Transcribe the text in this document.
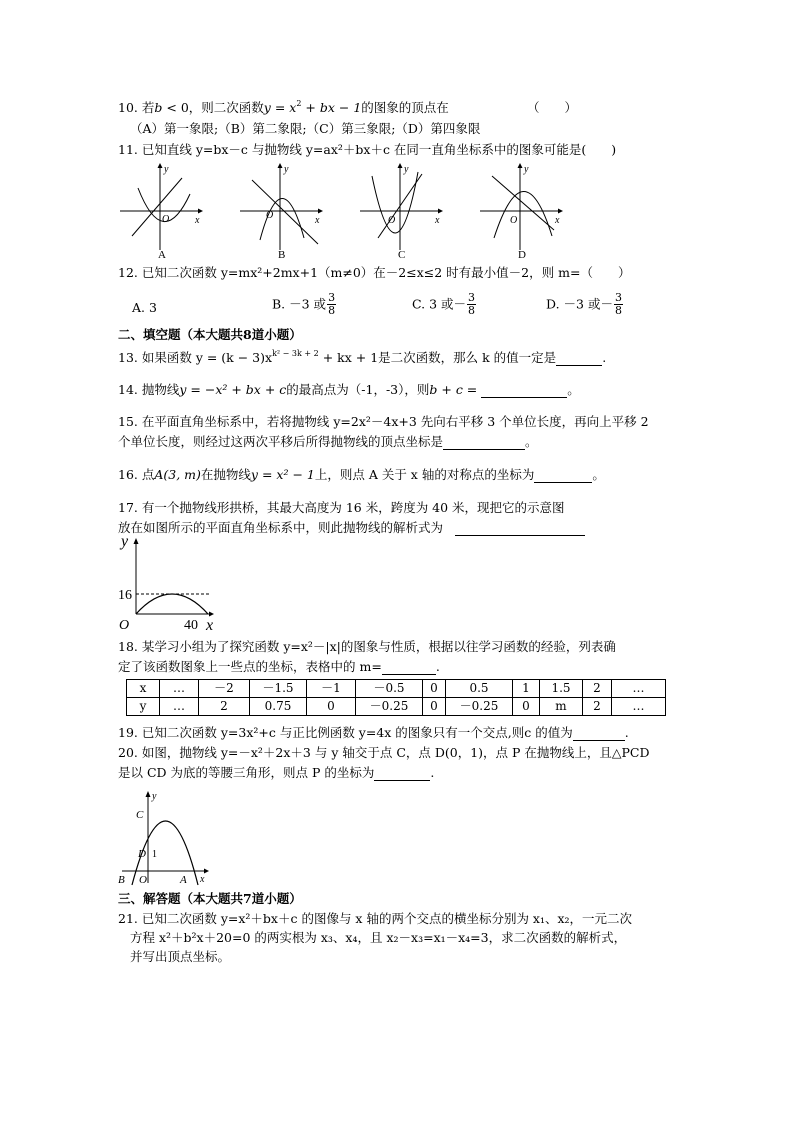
10. 若b < 0，则二次函数$y = x^2$ + bx − 1的图象的顶点在	（　　）
（A）第一象限;（B）第二象限;（C）第三象限;（D）第四象限
11. 已知直线 y=bx－c 与抛物线 y=ax²＋bx＋c 在同一直角坐标系中的图象可能是(　　)
y
O	x
A
y
O	x
B
y
O	x
C
y
O	x
D
12. 已知二次函数 y=mx²+2mx+1（m≠0）在－2≤x≤2 时有最小值－2，则 m=（　　）
A. 3	B. －3 或 $\frac{3}{8}$	C. 3 或－ $\frac{3}{8}$	D. －3 或－ $\frac{3}{8}$
二、填空题（本大题共8道小题）
13. 如果函数 $y = (k - 3)x^{k^2 - 3k + 2}$ + kx + 1是二次函数，那么 k 的值一定是	.
14. 抛物线y = −x² + bx + c的最高点为（-1，-3），则b + c =	。
15. 在平面直角坐标系中，若将抛物线 y=2x²－4x+3 先向右平移 3 个单位长度，再向上平移 2
个单位长度，则经过这两次平移后所得抛物线的顶点坐标是	。
16. 点A(3, m)在抛物线y = x² − 1上，则点 A 关于 x 轴的对称点的坐标为	。
17. 有一个抛物线形拱桥，其最大高度为 16 米，跨度为 40 米，现把它的示意图
放在如图所示的平面直角坐标系中，则此抛物线的解析式为
y
16
O	40 x
18. 某学习小组为了探究函数 y=x²－|x|的图象与性质，根据以往学习函数的经验，列表确
定了该函数图象上一些点的坐标，表格中的 m=	.
x	…	－2	－1.5	－1	－0.5	0	0.5	1	1.5	2	…
y	…	2	0.75	0	－0.25	0	－0.25	0	m	2	…
19. 已知二次函数 y=3x²+c 与正比例函数 y=4x 的图象只有一个交点,则c 的值为	.
20. 如图，抛物线 y=－x²＋2x＋3 与 y 轴交于点 C，点 D(0，1)，点 P 在抛物线上，且△PCD
是以 CD 为底的等腰三角形，则点 P 的坐标为	.
y
C
D 1
B O	A x
三、解答题（本大题共7道小题）
21. 已知二次函数 y=x²＋bx＋c 的图像与 x 轴的两个交点的横坐标分别为 x₁、x₂，一元二次
方程 x²＋b²x＋20=0 的两实根为 x₃、x₄，且 x₂－x₃=x₁－x₄=3，求二次函数的解析式，
并写出顶点坐标。
